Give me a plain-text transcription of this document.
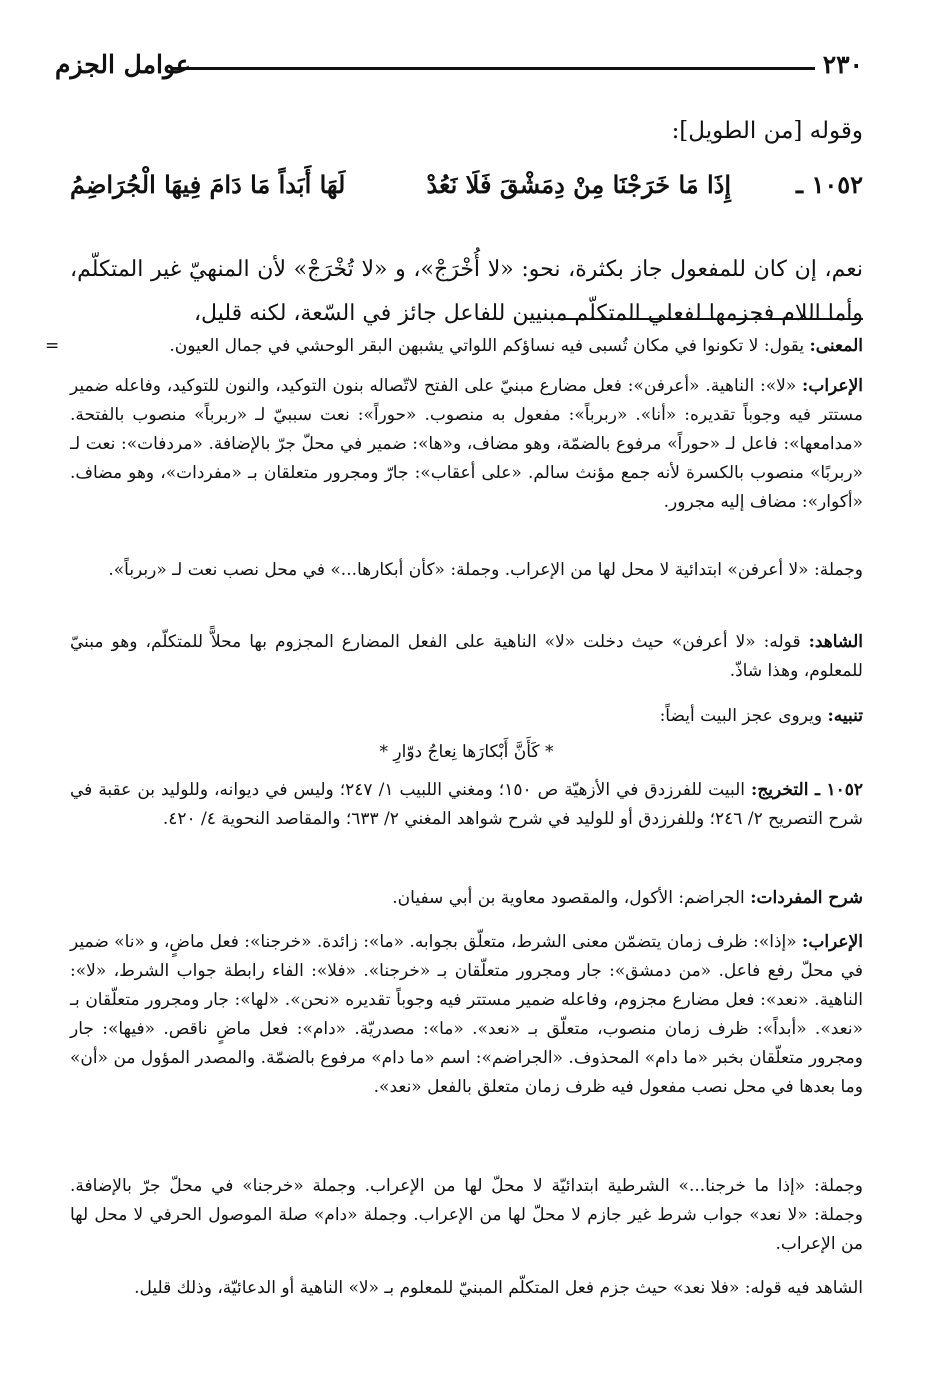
٢٣٠
عوامل الجزم

وقوله [من الطويل]:

١٠٥٢ ـ
إِذَا مَا خَرَجْنَا مِنْ دِمَشْقَ فَلَا نَعُدْ
لَهَا أَبَداً مَا دَامَ فِيهَا الْجُرَاضِمُ

نعم، إن كان للمفعول جاز بكثرة، نحو: «لا أُخْرَجْ»، و «لا تُخْرَجْ» لأن المنهيّ غير المتكلّم، وأما اللام فجزمها لفعلي المتكلّم مبنيين للفاعل جائز في السّعة، لكنه قليل،

=	المعنى: يقول: لا تكونوا في مكان تُسبى فيه نساؤكم اللواتي يشبهن البقر الوحشي في جمال العيون.

الإعراب: «لا»: الناهية. «أعرفن»: فعل مضارع مبنيّ على الفتح لاتّصاله بنون التوكيد، والنون للتوكيد، وفاعله ضمير مستتر فيه وجوباً تقديره: «أنا». «ربرباً»: مفعول به منصوب. «حوراً»: نعت سببيّ لـ «ربرباً» منصوب بالفتحة. «مدامعها»: فاعل لـ «حوراً» مرفوع بالضمّة، وهو مضاف، و«ها»: ضمير في محلّ جرّ بالإضافة. «مردفات»: نعت لـ «ربربًا» منصوب بالكسرة لأنه جمع مؤنث سالم. «على أعقاب»: جارّ ومجرور متعلقان بـ «مفردات»، وهو مضاف. «أكوار»: مضاف إليه مجرور.

وجملة: «لا أعرفن» ابتدائية لا محل لها من الإعراب. وجملة: «كأن أبكارها...» في محل نصب نعت لـ «ربرباً».

الشاهد: قوله: «لا أعرفن» حيث دخلت «لا» الناهية على الفعل المضارع المجزوم بها محلاًّ للمتكلّم، وهو مبنيّ للمعلوم، وهذا شاذّ.

تنبيه: ويروى عجز البيت أيضاً:

* كَأَنَّ أَبْكارَها نِعاجُ دوّارِ *

١٠٥٢ ـ التخريج: البيت للفرزدق في الأزهيّة ص ١٥٠؛ ومغني اللبيب ١/ ٢٤٧؛ وليس في ديوانه، وللوليد بن عقبة في شرح التصريح ٢/ ٢٤٦؛ وللفرزدق أو للوليد في شرح شواهد المغني ٢/ ٦٣٣؛ والمقاصد النحوية ٤/ ٤٢٠.

شرح المفردات: الجراضم: الأكول، والمقصود معاوية بن أبي سفيان.

الإعراب: «إذا»: ظرف زمان يتضمّن معنى الشرط، متعلّق بجوابه. «ما»: زائدة. «خرجنا»: فعل ماضٍ، و «نا» ضمير في محلّ رفع فاعل. «من دمشق»: جار ومجرور متعلّقان بـ «خرجنا». «فلا»: الفاء رابطة جواب الشرط، «لا»: الناهية. «نعد»: فعل مضارع مجزوم، وفاعله ضمير مستتر فيه وجوباً تقديره «نحن». «لها»: جار ومجرور متعلّقان بـ «نعد». «أبداً»: ظرف زمان منصوب، متعلّق بـ «نعد». «ما»: مصدريّة. «دام»: فعل ماضٍ ناقص. «فيها»: جار ومجرور متعلّقان بخبر «ما دام» المحذوف. «الجراضم»: اسم «ما دام» مرفوع بالضمّة. والمصدر المؤول من «أن» وما بعدها في محل نصب مفعول فيه ظرف زمان متعلق بالفعل «نعد».

وجملة: «إذا ما خرجنا...» الشرطية ابتدائيّة لا محلّ لها من الإعراب. وجملة «خرجنا» في محلّ جرّ بالإضافة. وجملة: «لا نعد» جواب شرط غير جازم لا محلّ لها من الإعراب. وجملة «دام» صلة الموصول الحرفي لا محل لها من الإعراب.

الشاهد فيه قوله: «فلا نعد» حيث جزم فعل المتكلّم المبنيّ للمعلوم بـ «لا» الناهية أو الدعائيّة، وذلك قليل.
